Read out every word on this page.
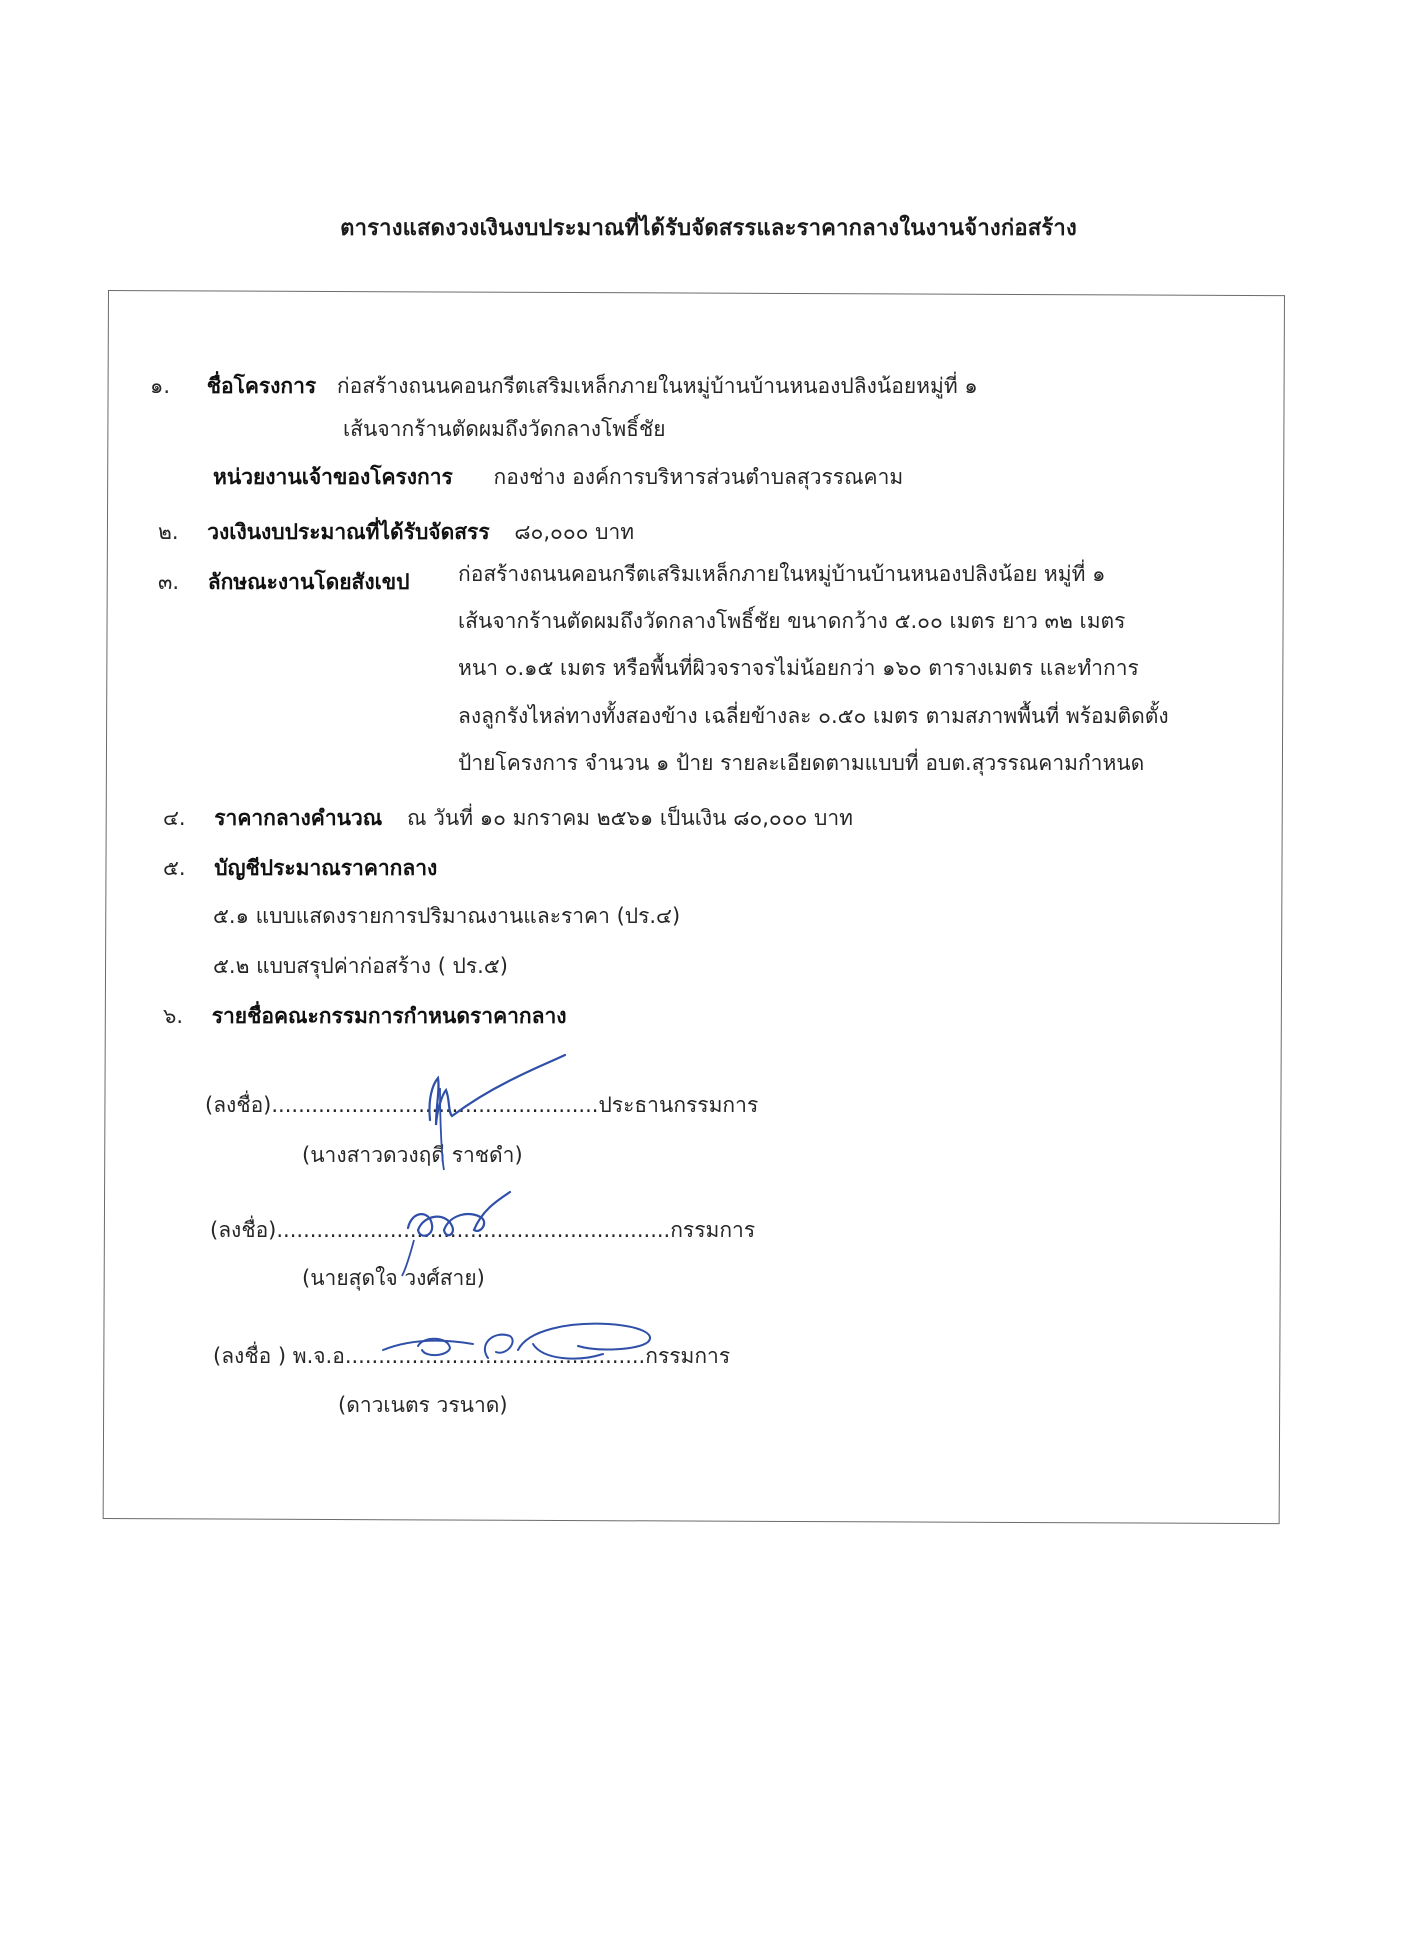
ตารางแสดงวงเงินงบประมาณที่ได้รับจัดสรรและราคากลางในงานจ้างก่อสร้าง
๑. ชื่อโครงการ ก่อสร้างถนนคอนกรีตเสริมเหล็กภายในหมู่บ้านบ้านหนองปลิงน้อยหมู่ที่ ๑
เส้นจากร้านตัดผมถึงวัดกลางโพธิ์ชัย
หน่วยงานเจ้าของโครงการ กองช่าง องค์การบริหารส่วนตำบลสุวรรณคาม
๒. วงเงินงบประมาณที่ได้รับจัดสรร ๘๐,๐๐๐ บาท
๓. ลักษณะงานโดยสังเขป ก่อสร้างถนนคอนกรีตเสริมเหล็กภายในหมู่บ้านบ้านหนองปลิงน้อย หมู่ที่ ๑
เส้นจากร้านตัดผมถึงวัดกลางโพธิ์ชัย ขนาดกว้าง ๕.๐๐ เมตร ยาว ๓๒ เมตร
หนา ๐.๑๕ เมตร หรือพื้นที่ผิวจราจรไม่น้อยกว่า ๑๖๐ ตารางเมตร และทำการ
ลงลูกรังไหล่ทางทั้งสองข้าง เฉลี่ยข้างละ ๐.๕๐ เมตร ตามสภาพพื้นที่ พร้อมติดตั้ง
ป้ายโครงการ จำนวน ๑ ป้าย รายละเอียดตามแบบที่ อบต.สุวรรณคามกำหนด
๔. ราคากลางคำนวณ ณ วันที่ ๑๐ มกราคม ๒๕๖๑ เป็นเงิน ๘๐,๐๐๐ บาท
๕. บัญชีประมาณราคากลาง
๕.๑ แบบแสดงรายการปริมาณงานและราคา (ปร.๔)
๕.๒ แบบสรุปค่าก่อสร้าง ( ปร.๕)
๖. รายชื่อคณะกรรมการกำหนดราคากลาง
(ลงชื่อ).................................................ประธานกรรมการ
(นางสาวดวงฤดี ราชดำ)
(ลงชื่อ)...........................................................กรรมการ
(นายสุดใจ วงศ์สาย)
(ลงชื่อ ) พ.จ.อ.............................................กรรมการ
(ดาวเนตร วรนาด)
